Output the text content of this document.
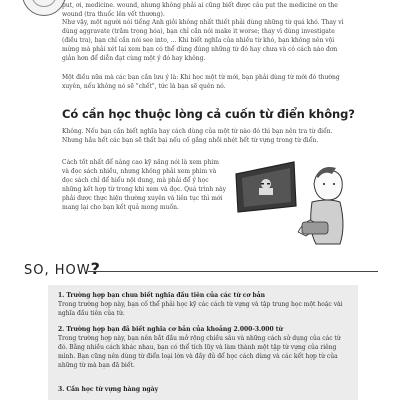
put, ơi, medicine. wound, nhưng không phải ai cũng biết được câu put the medicine on the wound (tra thuốc lên vết thương).

Như vậy, một người nói tiếng Anh giỏi không nhất thiết phải dùng những từ quá khó. Thay vì dùng aggravate (trầm trọng hóa), bạn chỉ cần nói make it worse; thay vì dùng investigate (điều tra), bạn chỉ cần nói see into, ... Khi biết nghĩa của nhiều từ khó, bạn không nên vội mừng mà phải xét lại xem bạn có thể dùng đúng những từ đó hay chưa và có cách nào đơn giản hơn để diễn đạt cùng một ý đó hay không.

Một điều nữa mà các bạn cần lưu ý là: Khi học một từ mới, bạn phải dùng từ mới đó thường xuyên, nếu không nó sẽ "chết", tức là bạn sẽ quên nó.

Có cần học thuộc lòng cả cuốn từ điển không?

Không. Nếu bạn cần biết nghĩa hay cách dùng của một từ nào đó thì bạn nên tra từ điển. Nhưng hầu hết các bạn sẽ thất bại nếu cố gắng nhồi nhét hết từ vựng trong từ điển.

Cách tốt nhất để nâng cao kỹ năng nói là xem phim và đọc sách nhiều, nhưng không phải xem phim và đọc sách chỉ để hiểu nội dung, mà phải để ý học những kết hợp từ trong khi xem và đọc. Quá trình này phải được thực hiện thường xuyên và liên tục thì mới mang lại cho bạn kết quả mong muốn.

SO, HOW?
1. Trường hợp bạn chưa biết nghĩa đầu tiên của các từ cơ bản
Trong trường hợp này, bạn cố thể phải học kỹ các cách từ vựng và tập trung học một hoặc vài nghĩa đầu tiên của từ.
2. Trường hợp bạn đã biết nghĩa cơ bản của khoảng 2.000-3.000 từ
Trong trường hợp này, bạn nên bắt đầu mở rộng chiều sâu và những cách sử dụng của các từ đó. Bằng nhiều cách khác nhau, bạn có thể tích lũy và làm thành một tập từ vựng của riêng mình. Bạn cũng nên dùng từ điển loại lớn và đầy đủ để học cách dùng và các kết hợp từ của những từ mà bạn đã biết.
3. Cần học từ vựng hàng ngày
